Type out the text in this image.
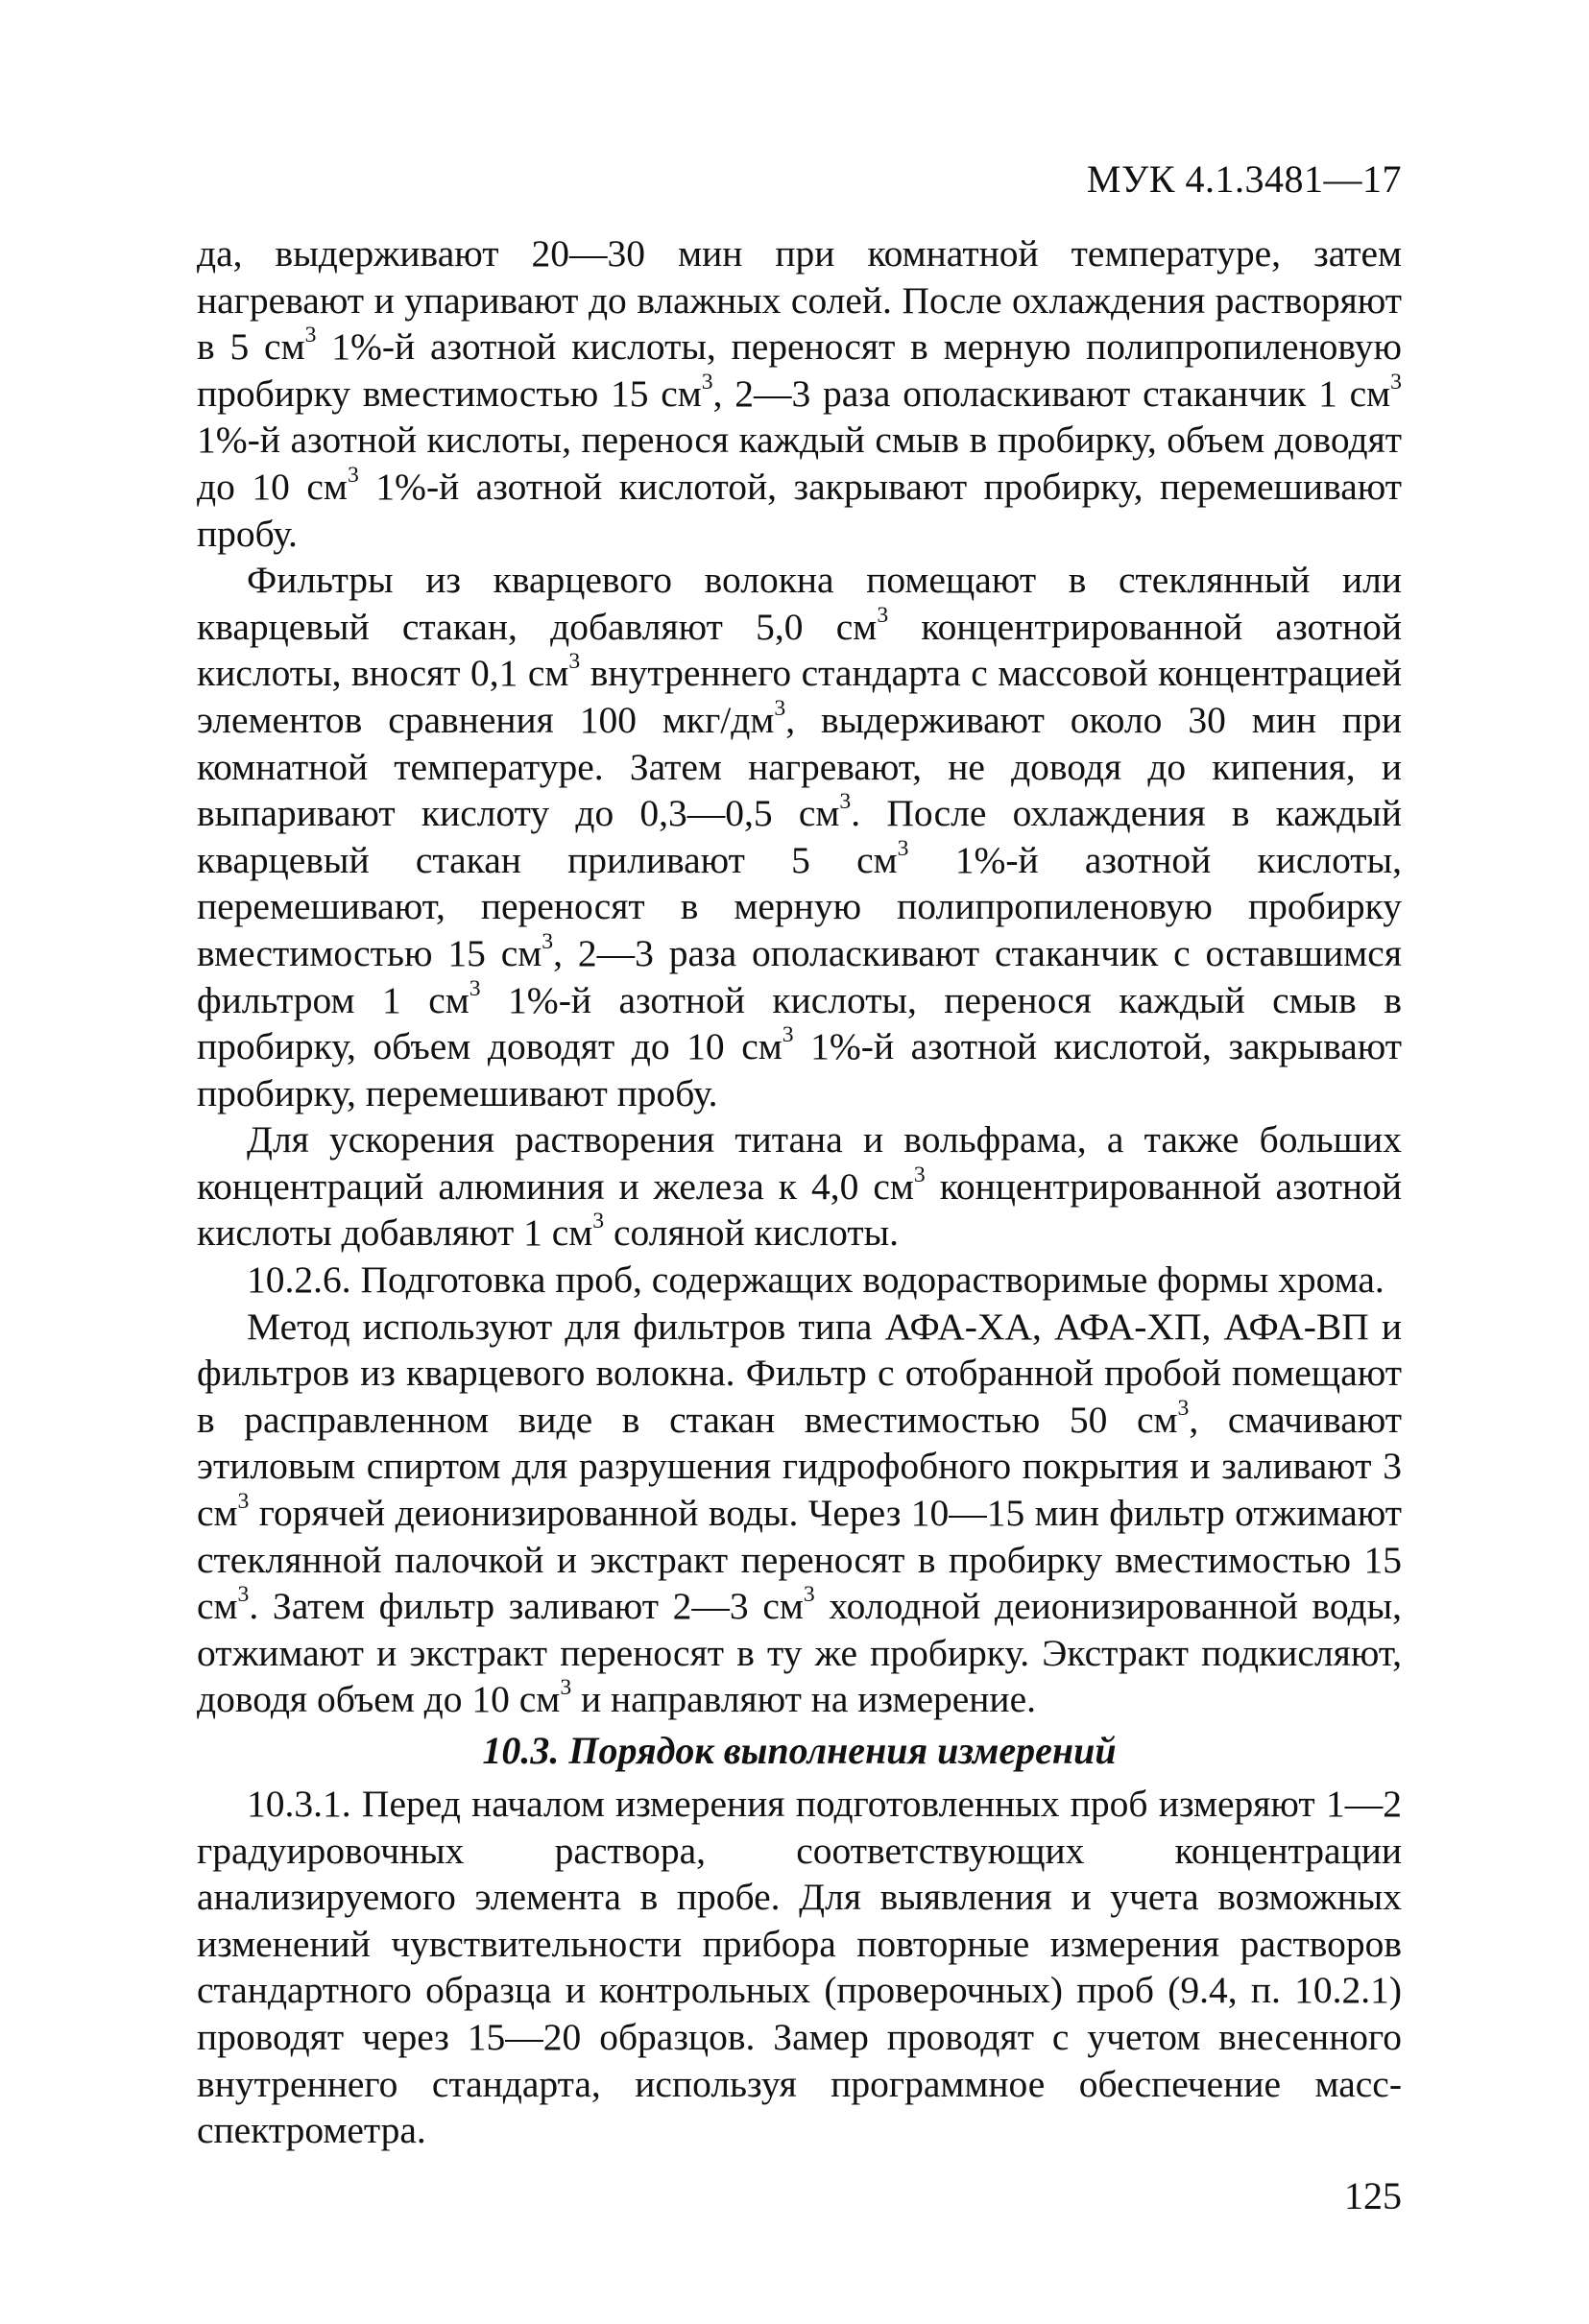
МУК 4.1.3481—17

да, выдерживают 20—30 мин при комнатной температуре, затем нагревают и упаривают до влажных солей. После охлаждения растворяют в 5 $см^3$ 1%-й азотной кислоты, переносят в мерную полипропиленовую пробирку вместимостью 15 $см^3$, 2—3 раза ополаскивают стаканчик 1 $см^3$ 1%-й азотной кислоты, перенося каждый смыв в пробирку, объем доводят до 10 $см^3$ 1%-й азотной кислотой, закрывают пробирку, перемешивают пробу.

Фильтры из кварцевого волокна помещают в стеклянный или кварцевый стакан, добавляют 5,0 $см^3$ концентрированной азотной кислоты, вносят 0,1 $см^3$ внутреннего стандарта с массовой концентрацией элементов сравнения 100 мкг/$дм^3$, выдерживают около 30 мин при комнатной температуре. Затем нагревают, не доводя до кипения, и выпаривают кислоту до 0,3—0,5 $см^3$. После охлаждения в каждый кварцевый стакан приливают 5 $см^3$ 1%-й азотной кислоты, перемешивают, переносят в мерную полипропиленовую пробирку вместимостью 15 $см^3$, 2—3 раза ополаскивают стаканчик с оставшимся фильтром 1 $см^3$ 1%-й азотной кислоты, перенося каждый смыв в пробирку, объем доводят до 10 $см^3$ 1%-й азотной кислотой, закрывают пробирку, перемешивают пробу.

Для ускорения растворения титана и вольфрама, а также больших концентраций алюминия и железа к 4,0 $см^3$ концентрированной азотной кислоты добавляют 1 $см^3$ соляной кислоты.

10.2.6. Подготовка проб, содержащих водорастворимые формы хрома.

Метод используют для фильтров типа АФА-ХА, АФА-ХП, АФА-ВП и фильтров из кварцевого волокна. Фильтр с отобранной пробой помещают в расправленном виде в стакан вместимостью 50 $см^3$, смачивают этиловым спиртом для разрушения гидрофобного покрытия и заливают 3 $см^3$ горячей деионизированной воды. Через 10—15 мин фильтр отжимают стеклянной палочкой и экстракт переносят в пробирку вместимостью 15 $см^3$. Затем фильтр заливают 2—3 $см^3$ холодной деионизированной воды, отжимают и экстракт переносят в ту же пробирку. Экстракт подкисляют, доводя объем до 10 $см^3$ и направляют на измерение.

10.3. Порядок выполнения измерений

10.3.1. Перед началом измерения подготовленных проб измеряют 1—2 градуировочных раствора, соответствующих концентрации анализируемого элемента в пробе. Для выявления и учета возможных изменений чувствительности прибора повторные измерения растворов стандартного образца и контрольных (проверочных) проб (9.4, п. 10.2.1) проводят через 15—20 образцов. Замер проводят с учетом внесенного внутреннего стандарта, используя программное обеспечение масс-спектрометра.

125
